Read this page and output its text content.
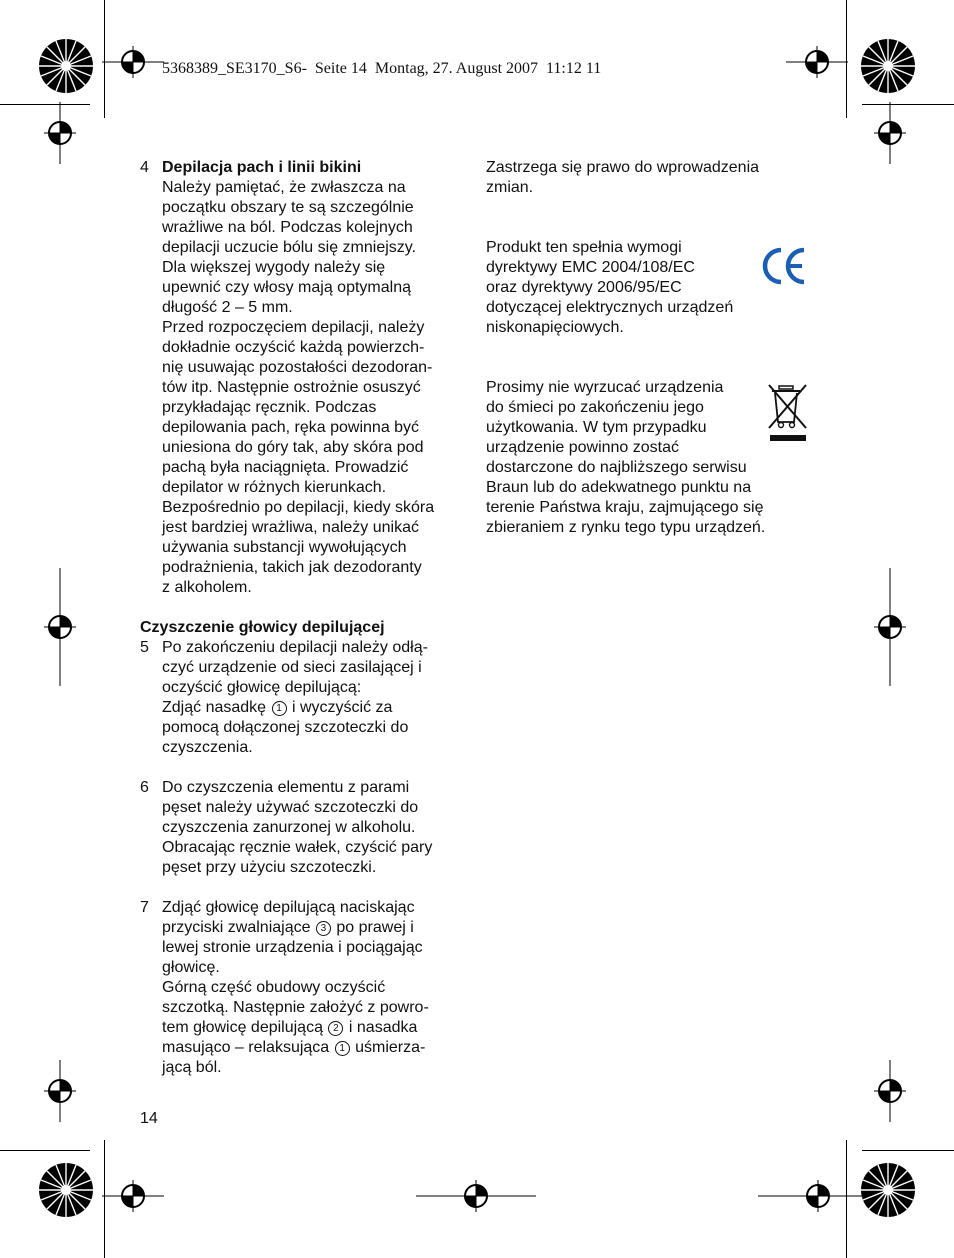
5368389_SE3170_S6-  Seite 14  Montag, 27. August 2007  11:12 11
4 Depilacja pach i linii bikini
Należy pamiętać, że zwłaszcza na
początku obszary te są szczególnie
wrażliwe na ból. Podczas kolejnych
depilacji uczucie bólu się zmniejszy.
Dla większej wygody należy się
upewnić czy włosy mają optymalną
długość 2 – 5 mm.
Przed rozpoczęciem depilacji, należy
dokładnie oczyścić każdą powierzch-
nię usuwając pozostałości dezodoran-
tów itp. Następnie ostrożnie osuszyć
przykładając ręcznik. Podczas
depilowania pach, ręka powinna być
uniesiona do góry tak, aby skóra pod
pachą była naciągnięta. Prowadzić
depilator w różnych kierunkach.
Bezpośrednio po depilacji, kiedy skóra
jest bardziej wrażliwa, należy unikać
używania substancji wywołujących
podrażnienia, takich jak dezodoranty
z alkoholem.
Czyszczenie głowicy depilującej
5 Po zakończeniu depilacji należy odłą-
czyć urządzenie od sieci zasilającej i
oczyścić głowicę depilującą:
Zdjąć nasadkę 1 i wyczyścić za
pomocą dołączonej szczoteczki do
czyszczenia.
6 Do czyszczenia elementu z parami
pęset należy używać szczoteczki do
czyszczenia zanurzonej w alkoholu.
Obracając ręcznie wałek, czyścić pary
pęset przy użyciu szczoteczki.
7 Zdjąć głowicę depilującą naciskając
przyciski zwalniające 3 po prawej i
lewej stronie urządzenia i pociągając
głowicę.
Górną część obudowy oczyścić
szczotką. Następnie założyć z powro-
tem głowicę depilującą 2 i nasadka
masująco – relaksująca 1 uśmierza-
jącą ból.
Zastrzega się prawo do wprowadzenia
zmian.
Produkt ten spełnia wymogi
dyrektywy EMC 2004/108/EC
oraz dyrektywy 2006/95/EC
dotyczącej elektrycznych urządzeń
niskonapięciowych.
Prosimy nie wyrzucać urządzenia
do śmieci po zakończeniu jego
użytkowania. W tym przypadku
urządzenie powinno zostać
dostarczone do najbliższego serwisu
Braun lub do adekwatnego punktu na
terenie Państwa kraju, zajmującego się
zbieraniem z rynku tego typu urządzeń.
14
